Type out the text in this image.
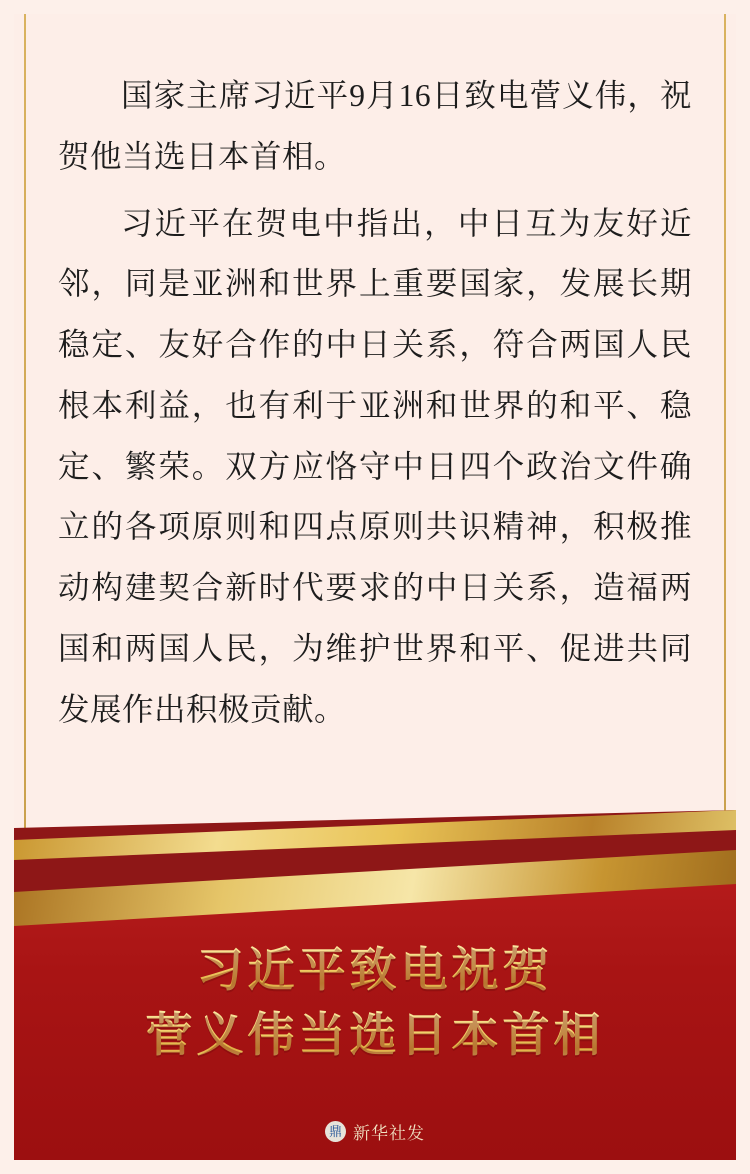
国家主席习近平9月16日致电菅义伟，祝贺他当选日本首相。

习近平在贺电中指出，中日互为友好近邻，同是亚洲和世界上重要国家，发展长期稳定、友好合作的中日关系，符合两国人民根本利益，也有利于亚洲和世界的和平、稳定、繁荣。双方应恪守中日四个政治文件确立的各项原则和四点原则共识精神，积极推动构建契合新时代要求的中日关系，造福两国和两国人民，为维护世界和平、促进共同发展作出积极贡献。

习近平致电祝贺
菅义伟当选日本首相
鼎 新华社发
